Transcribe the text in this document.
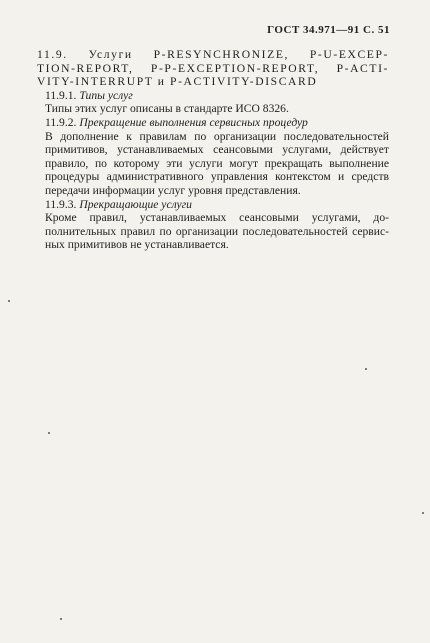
ГОСТ 34.971—91 С. 51
11.9. Услуги P-RESYNCHRONIZE, P-U-EXCEP-
TION-REPORT, P-P-EXCEPTION-REPORT, P-ACTI-
VITY-INTERRUPT и P-ACTIVITY-DISCARD

11.9.1. Типы услуг

Типы этих услуг описаны в стандарте ИСО 8326.

11.9.2. Прекращение выполнения сервисных процедур

В дополнение к правилам по организации последовательностей
примитивов, устанавливаемых сеансовыми услугами, действует
правило, по которому эти услуги могут прекращать выполнение
процедуры административного управления контекстом и средств
передачи информации услуг уровня представления.

11.9.3. Прекращающие услуги

Кроме правил, устанавливаемых сеансовыми услугами, до-
полнительных правил по организации последовательностей сервис-
ных примитивов не устанавливается.
